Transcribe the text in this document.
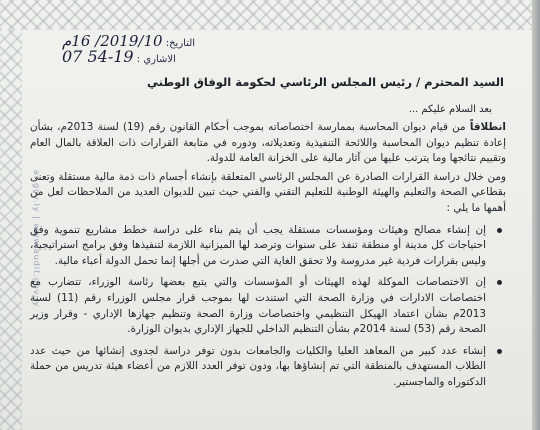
التاريخ: 2019/10/ 16م
الاشاري : 19-54 07
السيد المحترم / رئيس المجلس الرئاسي لحكومة الوفاق الوطني
بعد السلام عليكم ...
ar.gov.ly | www.audit.gov.ly

انطلاقاً من قيام ديوان المحاسبة بممارسة اختصاصاته بموجب أحكام القانون رقم (19) لسنة 2013م، بشأن إعادة تنظيم ديوان المحاسبة واللائحة التنفيذية وتعديلاته، ودوره في متابعة القرارات ذات العلاقة بالمال العام وتقييم نتائجها وما يترتب عليها من آثار مالية على الخزانة العامة للدولة.

ومن خلال دراسة القرارات الصادرة عن المجلس الرئاسي المتعلقة بإنشاء أجسام ذات ذمة مالية مستقلة وتعنى بقطاعي الصحة والتعليم والهيئة الوطنية للتعليم التقني والفني حيث تبين للديوان العديد من الملاحظات لعل من أهمها ما يلي :

إن إنشاء مصالح وهيئات ومؤسسات مستقلة يجب أن يتم بناء على دراسة خطط مشاريع تنموية وفق احتياجات كل مدينة أو منطقة تنفذ على سنوات وترصد لها الميزانية اللازمة لتنفيذها وفق برامج استراتيجية، وليس بقرارات فردية غير مدروسة ولا تحقق الغاية التي صدرت من أجلها إنما تحمل الدولة أعباء مالية.
إن الاختصاصات الموكلة لهذه الهيئات أو المؤسسات والتي يتبع بعضها رئاسة الوزراء، تتضارب مع اختصاصات الادارات في وزارة الصحة التي استندت لها بموجب قرار مجلس الوزراء رقم (11) لسنة 2013م بشأن اعتماد الهيكل التنظيمي واختصاصات وزارة الصحة وتنظيم جهازها الإداري - وقرار وزير الصحة رقم (53) لسنة 2014م بشأن التنظيم الداخلي للجهاز الإداري بديوان الوزارة.
إنشاء عدد كبير من المعاهد العليا والكليات والجامعات بدون توفر دراسة لجدوى إنشائها من حيث عدد الطلاب المستهدف بالمنطقة التي تم إنشاؤها بها، ودون توفر العدد اللازم من أعضاء هيئة تدريس من حملة الدكتوراه والماجستير.
